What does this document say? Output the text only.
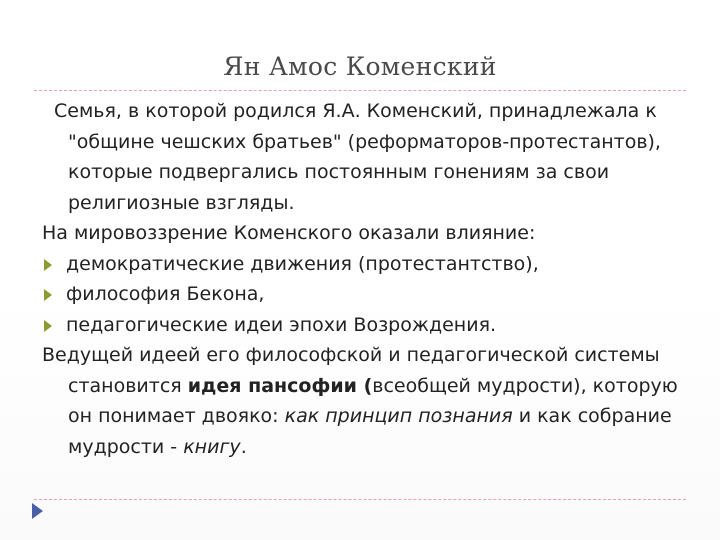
Ян Амос Коменский

Семья, в которой родился Я.А. Коменский, принадлежала к "общине чешских братьев" (реформаторов-протестантов), которые подвергались постоянным гонениям за свои религиозные взгляды.

На мировоззрение Коменского оказали влияние:

демократические движения (протестантство),

философия Бекона,

педагогические идеи эпохи Возрождения.

Ведущей идеей его философской и педагогической системы становится идея пансофии (всеобщей мудрости), которую он понимает двояко: как принцип познания и как собрание мудрости - книгу.
